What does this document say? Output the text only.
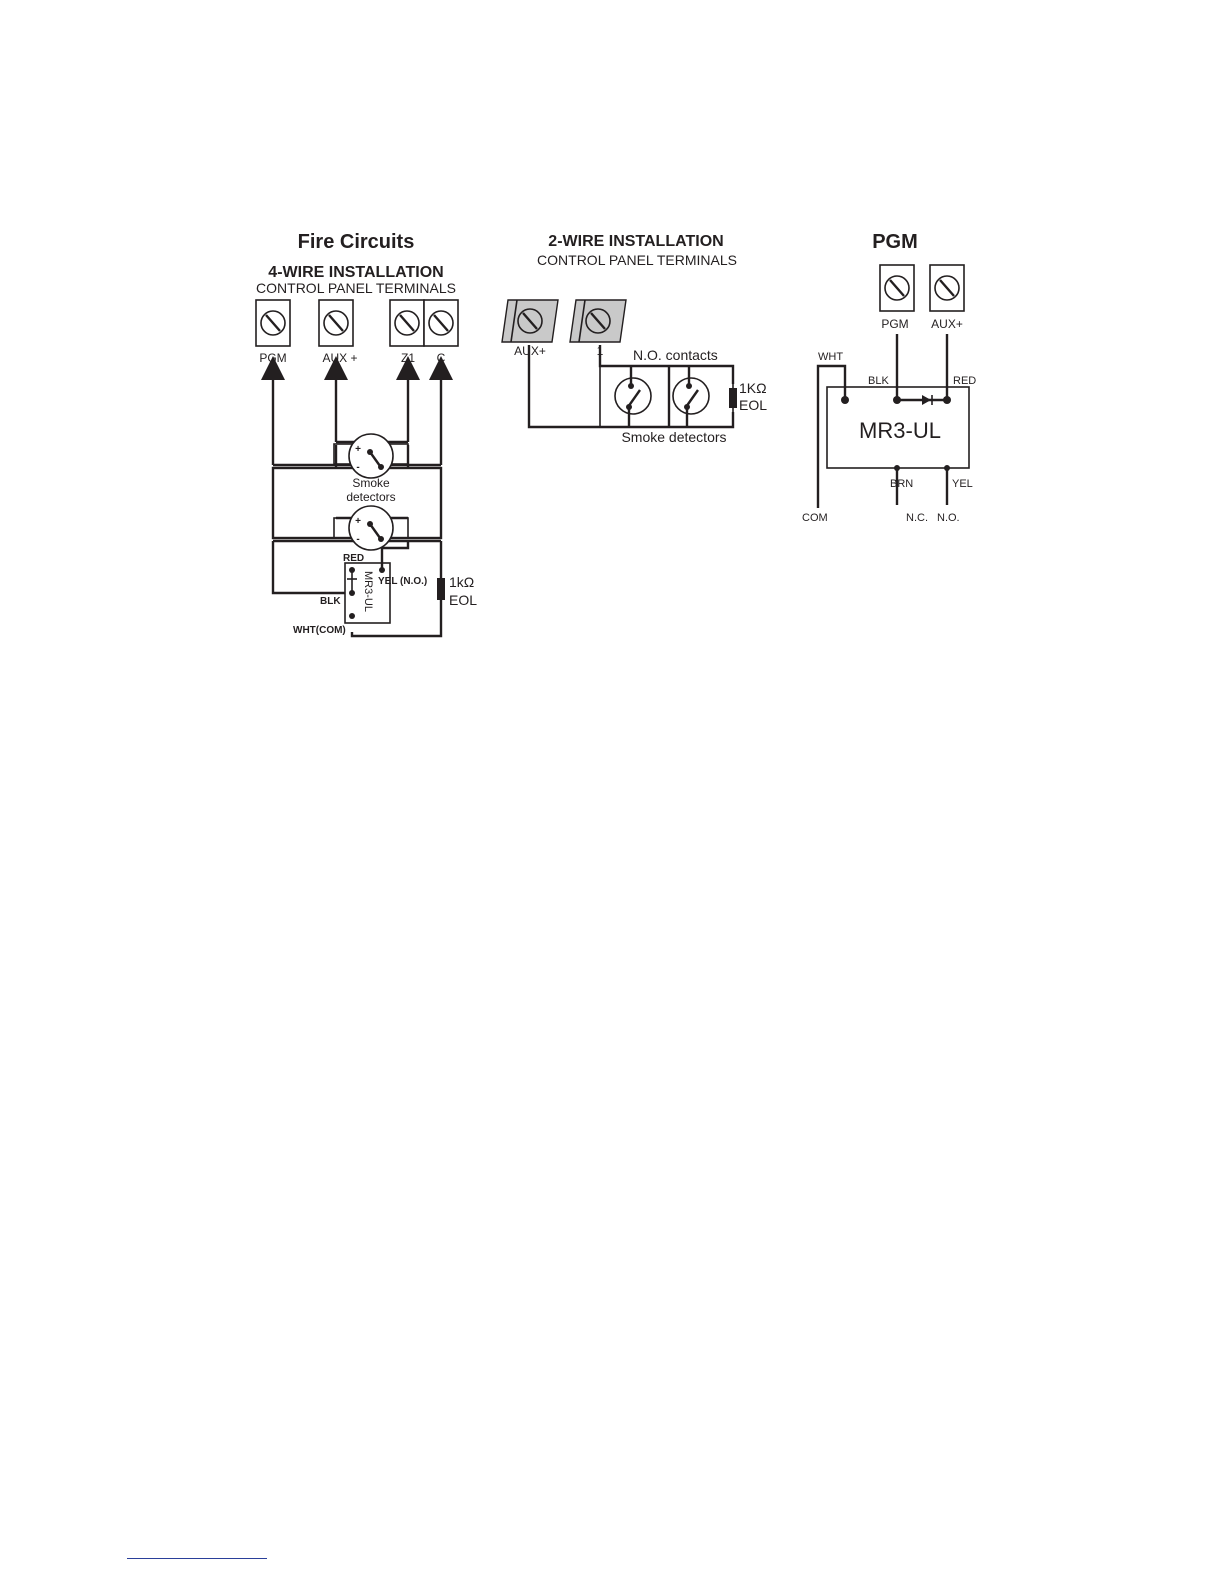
Fire Circuits
4-WIRE INSTALLATION
CONTROL PANEL TERMINALS
PGM	AUX +	Z1 C
+
-
Smoke
detectors
+
-
MR3-UL
RED
YEL (N.O.)
BLK
WHT(COM)
1kΩ
EOL
2-WIRE INSTALLATION
CONTROL PANEL TERMINALS
AUX+	1 N.O. contacts
1KΩ
EOL
Smoke detectors
PGM
PGM AUX+
MR3-UL
WHT
BLK	RED
BRN	YEL
COM	N.C. N.O.
